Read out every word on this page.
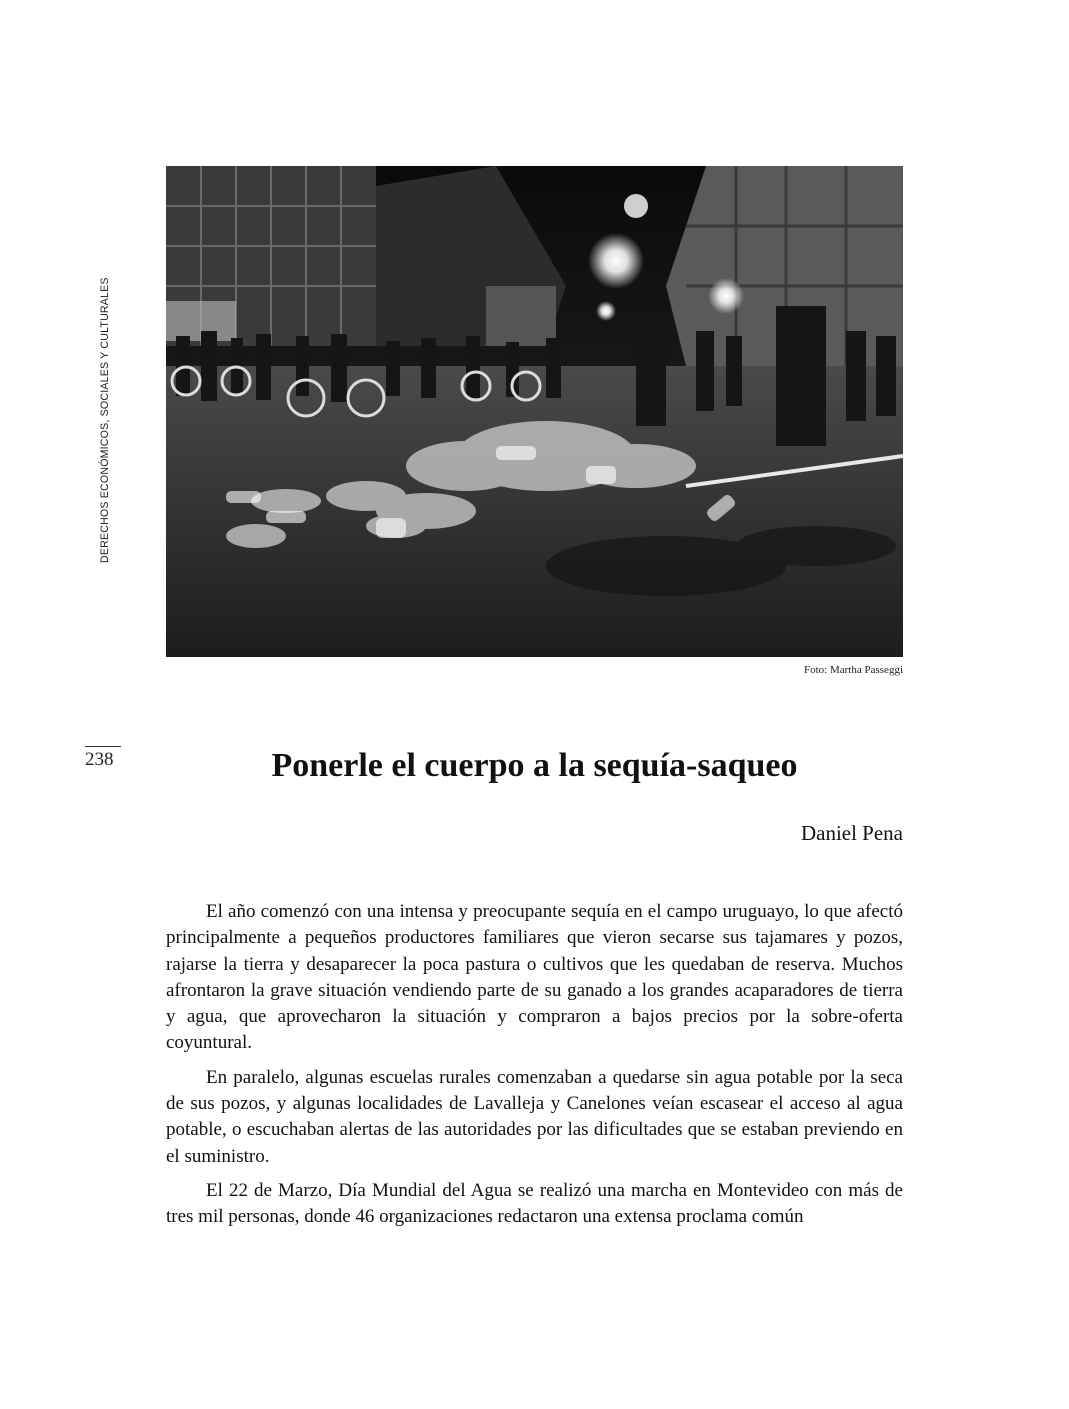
DERECHOS ECONÓMICOS, SOCIALES Y CULTURALES
Foto: Martha Passeggi
238	Ponerle el cuerpo a la sequía-saqueo
Daniel Pena

El año comenzó con una intensa y preocupante sequía en el campo uruguayo, lo que afectó principalmente a pequeños productores familiares que vieron secarse sus tajamares y pozos, rajarse la tierra y desaparecer la poca pastura o cultivos que les quedaban de reserva. Muchos afrontaron la grave situación vendiendo parte de su ganado a los grandes acaparadores de tierra y agua, que aprovecharon la situación y compraron a bajos precios por la sobre-oferta coyuntural.

En paralelo, algunas escuelas rurales comenzaban a quedarse sin agua potable por la seca de sus pozos, y algunas localidades de Lavalleja y Canelones veían escasear el acceso al agua potable, o escuchaban alertas de las autoridades por las dificultades que se estaban previendo en el suministro.

El 22 de Marzo, Día Mundial del Agua se realizó una marcha en Montevideo con más de tres mil personas, donde 46 organizaciones redactaron una extensa proclama común
